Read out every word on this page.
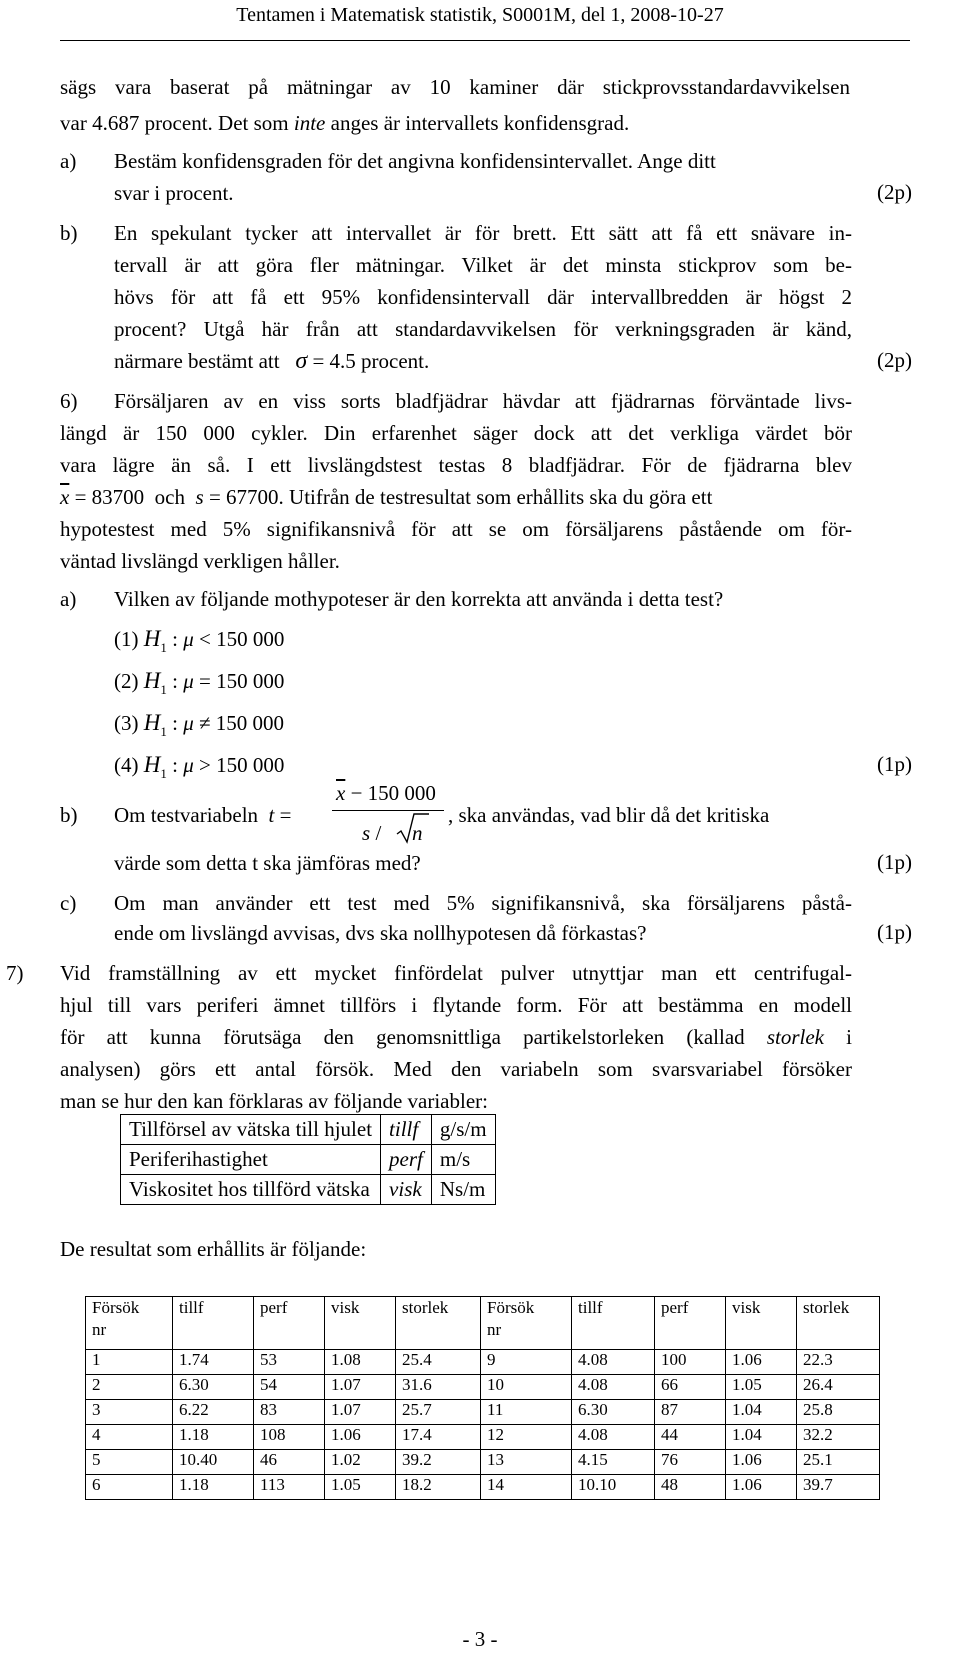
Tentamen i Matematisk statistik, S0001M, del 1, 2008-10-27
sägs vara baserat på mätningar av 10 kaminer där stickprovsstandardavvikelsen
var 4.687 procent. Det som inte anges är intervallets konfidensgrad.
a) Bestäm konfidensgraden för det angivna konfidensintervallet. Ange ditt
svar i procent.	(2p)
b) En spekulant tycker att intervallet är för brett. Ett sätt att få ett snävare in-
tervall är att göra fler mätningar. Vilket är det minsta stickprov som be-
hövs för att få ett 95% konfidensintervall där intervallbredden är högst 2
procent? Utgå här från att standardavvikelsen för verkningsgraden är känd,
närmare bestämt att σ = 4.5 procent.	(2p)
6) Försäljaren av en viss sorts bladfjädrar hävdar att fjädrarnas förväntade livs-
längd är 150 000 cykler. Din erfarenhet säger dock att det verkliga värdet bör
vara lägre än så. I ett livslängdstest testas 8 bladfjädrar. För de fjädrarna blev
$\overline{x} = 83700$ och s = 67700. Utifrån de testresultat som erhållits ska du göra ett
hypotestest med 5% signifikansnivå för att se om försäljarens påstående om för-
väntad livslängd verkligen håller.
a) Vilken av följande mothypoteser är den korrekta att använda i detta test?
(1) $H_1$ : μ < 150 000
(2) $H_1$ : μ = 150 000
(3) $H_1$ : μ ≠ 150 000
(4) $H_1$ : μ > 150 000	(1p)
b) Om testvariabeln t =
$\overline{x} - 150$ 000
s / n
, ska användas, vad blir då det kritiska
värde som detta t ska jämföras med?	(1p)
c) Om man använder ett test med 5% signifikansnivå, ska försäljarens påstå-
ende om livslängd avvisas, dvs ska nollhypotesen då förkastas?	(1p)
7) Vid framställning av ett mycket finfördelat pulver utnyttjar man ett centrifugal-
hjul till vars periferi ämnet tillförs i flytande form. För att bestämma en modell
för att kunna förutsäga den genomsnittliga partikelstorleken (kallad storlek i
analysen) görs ett antal försök. Med den variabeln som svarsvariabel försöker
man se hur den kan förklaras av följande variabler:
Tillförsel av vätska till hjulet	tillf	g/s/m
Periferihastighet	perf	m/s
Viskositet hos tillförd vätska	visk	Ns/m
De resultat som erhållits är följande:
Försök
nr	tillf	perf	visk	storlek	Försök
nr	tillf	perf	visk	storlek
1	1.74	53	1.08	25.4	9	4.08	100	1.06	22.3
2	6.30	54	1.07	31.6	10	4.08	66	1.05	26.4
3	6.22	83	1.07	25.7	11	6.30	87	1.04	25.8
4	1.18	108	1.06	17.4	12	4.08	44	1.04	32.2
5	10.40	46	1.02	39.2	13	4.15	76	1.06	25.1
6	1.18	113	1.05	18.2	14	10.10	48	1.06	39.7
- 3 -
